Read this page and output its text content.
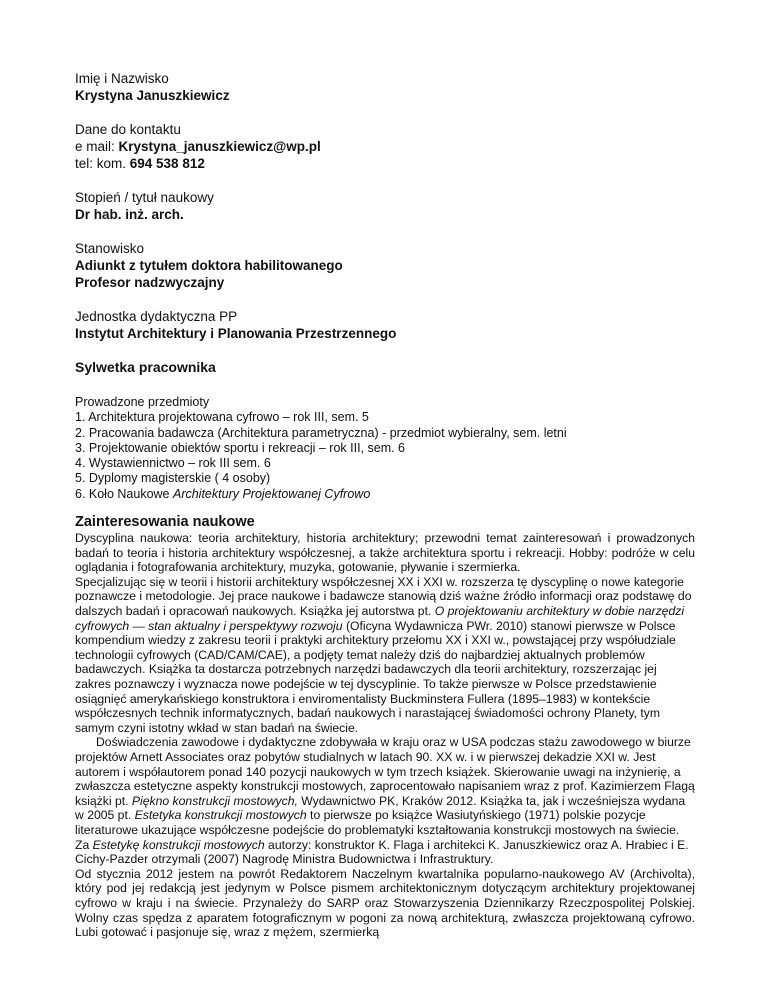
Imię i Nazwisko
Krystyna Januszkiewicz
Dane do kontaktu
e mail: Krystyna_januszkiewicz@wp.pl
tel: kom. 694 538 812
Stopień / tytuł naukowy
Dr hab. inż. arch.
Stanowisko
Adiunkt z tytułem doktora habilitowanego
Profesor nadzwyczajny
Jednostka dydaktyczna PP
Instytut Architektury i Planowania Przestrzennego
Sylwetka pracownika
Prowadzone przedmioty
1. Architektura projektowana cyfrowo – rok III, sem. 5
2. Pracowania badawcza (Architektura parametryczna) - przedmiot wybieralny, sem. letni
3. Projektowanie obiektów sportu i rekreacji – rok III, sem. 6
4. Wystawiennictwo – rok III sem. 6
5. Dyplomy magisterskie ( 4 osoby)
6. Koło Naukowe Architektury Projektowanej Cyfrowo
Zainteresowania naukowe

Dyscyplina naukowa: teoria architektury, historia architektury; przewodni temat zainteresowań i prowadzonych badań to teoria i historia architektury współczesnej, a także architektura sportu i rekreacji. Hobby: podróże w celu oglądania i fotografowania architektury, muzyka, gotowanie, pływanie i szermierka.

Specjalizując się w teorii i historii architektury współczesnej XX i XXI w. rozszerza tę dyscyplinę o nowe kategorie poznawcze i metodologie. Jej prace naukowe i badawcze stanowią dziś ważne źródło informacji oraz podstawę do dalszych badań i opracowań naukowych. Książka jej autorstwa pt. O projektowaniu architektury w dobie narzędzi cyfrowych — stan aktualny i perspektywy rozwoju (Oficyna Wydawnicza PWr. 2010) stanowi pierwsze w Polsce kompendium wiedzy z zakresu teorii i praktyki architektury przełomu XX i XXI w., powstającej przy współudziale technologii cyfrowych (CAD/CAM/CAE), a podjęty temat należy dziś do najbardziej aktualnych problemów badawczych. Książka ta dostarcza potrzebnych narzędzi badawczych dla teorii architektury, rozszerzając jej zakres poznawczy i wyznacza nowe podejście w tej dyscyplinie. To także pierwsze w Polsce przedstawienie osiągnięć amerykańskiego konstruktora i enviromentalisty Buckminstera Fullera (1895–1983) w kontekście współczesnych technik informatycznych, badań naukowych i narastającej świadomości ochrony Planety, tym samym czyni istotny wkład w stan badań na świecie.

Doświadczenia zawodowe i dydaktyczne zdobywała w kraju oraz w USA podczas stażu zawodowego w biurze projektów Arnett Associates oraz pobytów studialnych w latach 90. XX w. i w pierwszej dekadzie XXI w. Jest autorem i współautorem ponad 140 pozycji naukowych w tym trzech książek. Skierowanie uwagi na inżynierię, a zwłaszcza estetyczne aspekty konstrukcji mostowych, zaprocentowało napisaniem wraz z prof. Kazimierzem Flagą książki pt. Piękno konstrukcji mostowych, Wydawnictwo PK, Kraków 2012. Książka ta, jak i wcześniejsza wydana w 2005 pt. Estetyka konstrukcji mostowych to pierwsze po książce Wasiutyńskiego (1971) polskie pozycje literaturowe ukazujące współczesne podejście do problematyki kształtowania konstrukcji mostowych na świecie. Za Estetykę konstrukcji mostowych autorzy: konstruktor K. Flaga i architekci K. Januszkiewicz oraz A. Hrabiec i E. Cichy-Pazder otrzymali (2007) Nagrodę Ministra Budownictwa i Infrastruktury.

Od stycznia 2012 jestem na powrót Redaktorem Naczelnym kwartalnika popularno-naukowego AV (Archivolta), który pod jej redakcją jest jedynym w Polsce pismem architektonicznym dotyczącym architektury projektowanej cyfrowo w kraju i na świecie. Przynależy do SARP oraz Stowarzyszenia Dziennikarzy Rzeczpospolitej Polskiej. Wolny czas spędza z aparatem fotograficznym w pogoni za nową architekturą, zwłaszcza projektowaną cyfrowo. Lubi gotować i pasjonuje się, wraz z mężem, szermierką
